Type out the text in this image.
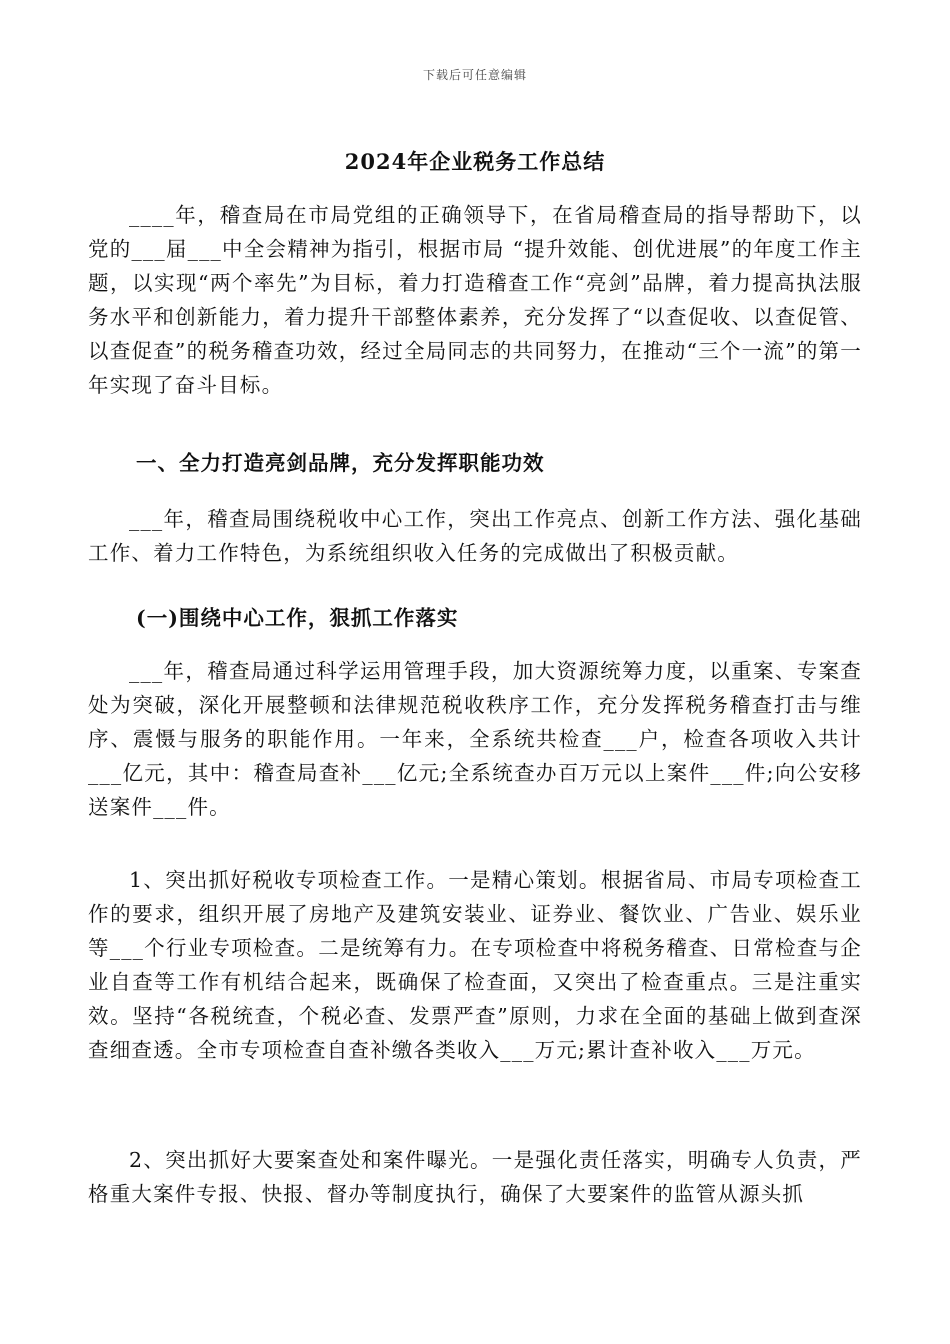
下载后可任意编辑
2024年企业税务工作总结

____年，稽查局在市局党组的正确领导下，在省局稽查局的指导帮助下，以党的___届___中全会精神为指引，根据市局 “提升效能、创优进展”的年度工作主题，以实现“两个率先”为目标，着力打造稽查工作“亮剑”品牌，着力提高执法服务水平和创新能力，着力提升干部整体素养，充分发挥了“以查促收、以查促管、以查促查”的税务稽查功效，经过全局同志的共同努力，在推动“三个一流”的第一年实现了奋斗目标。

一、全力打造亮剑品牌，充分发挥职能功效

___年，稽查局围绕税收中心工作，突出工作亮点、创新工作方法、强化基础工作、着力工作特色，为系统组织收入任务的完成做出了积极贡献。

(一)围绕中心工作，狠抓工作落实

___年，稽查局通过科学运用管理手段，加大资源统筹力度，以重案、专案查处为突破，深化开展整顿和法律规范税收秩序工作，充分发挥税务稽查打击与维序、震慑与服务的职能作用。一年来，全系统共检查___户，检查各项收入共计___亿元，其中：稽查局查补___亿元;全系统查办百万元以上案件___件;向公安移送案件___件。

1、突出抓好税收专项检查工作。一是精心策划。根据省局、市局专项检查工作的要求，组织开展了房地产及建筑安装业、证券业、餐饮业、广告业、娱乐业等___个行业专项检查。二是统筹有力。在专项检查中将税务稽查、日常检查与企业自查等工作有机结合起来，既确保了检查面，又突出了检查重点。三是注重实效。坚持“各税统查，个税必查、发票严查”原则，力求在全面的基础上做到查深查细查透。全市专项检查自查补缴各类收入___万元;累计查补收入___万元。

2、突出抓好大要案查处和案件曝光。一是强化责任落实，明确专人负责，严格重大案件专报、快报、督办等制度执行，确保了大要案件的监管从源头抓
